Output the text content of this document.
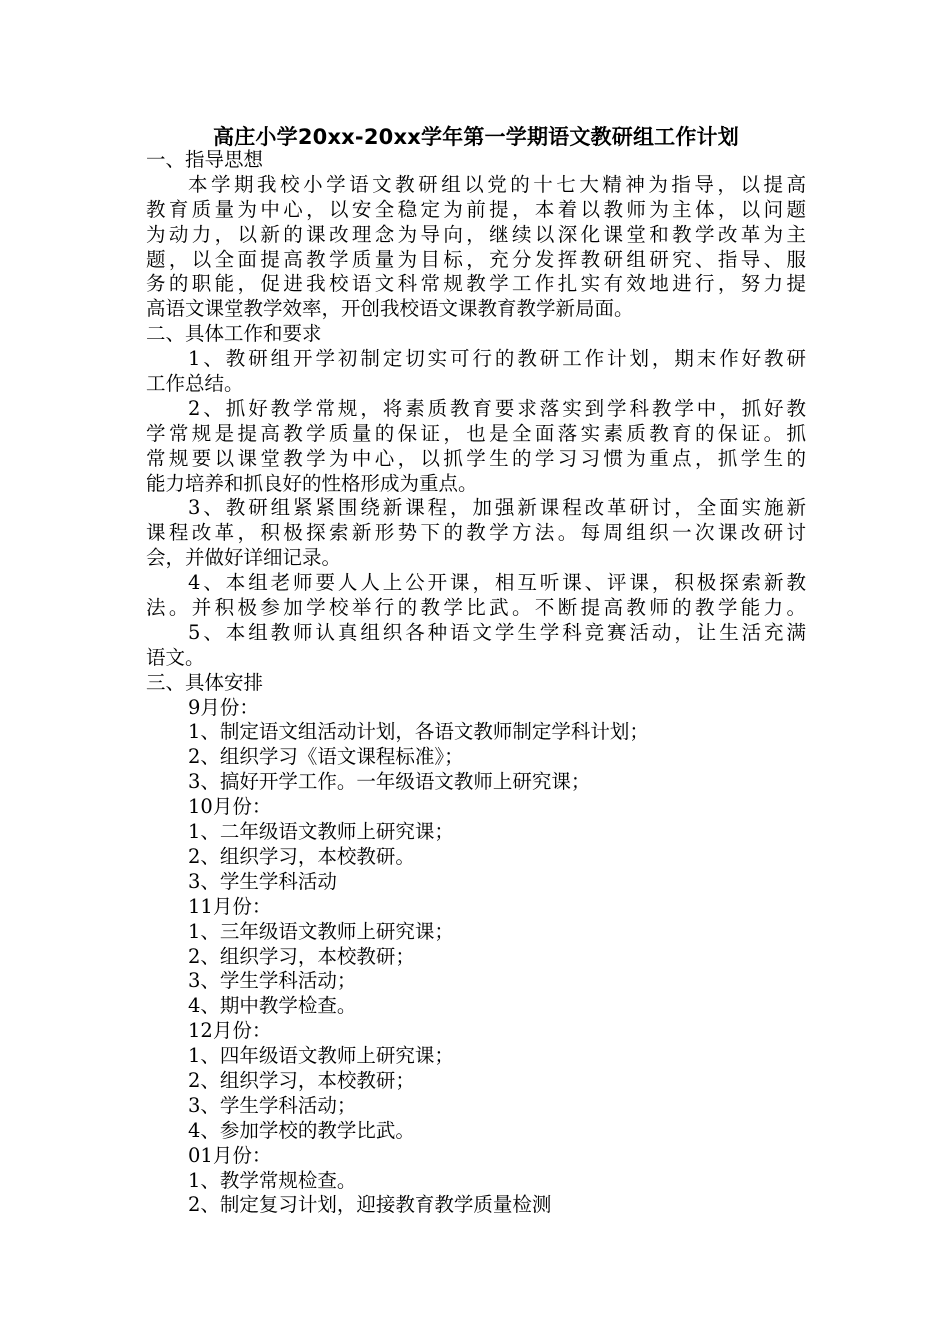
高庄小学20xx-20xx学年第一学期语文教研组工作计划
一、指导思想
本学期我校小学语文教研组以党的十七大精神为指导，以提高
教育质量为中心，以安全稳定为前提，本着以教师为主体，以问题
为动力，以新的课改理念为导向，继续以深化课堂和教学改革为主
题，以全面提高教学质量为目标，充分发挥教研组研究、指导、服
务的职能，促进我校语文科常规教学工作扎实有效地进行，努力提
高语文课堂教学效率，开创我校语文课教育教学新局面。
二、具体工作和要求
1、教研组开学初制定切实可行的教研工作计划，期末作好教研
工作总结。
2、抓好教学常规，将素质教育要求落实到学科教学中，抓好教
学常规是提高教学质量的保证，也是全面落实素质教育的保证。抓
常规要以课堂教学为中心，以抓学生的学习习惯为重点，抓学生的
能力培养和抓良好的性格形成为重点。
3、教研组紧紧围绕新课程，加强新课程改革研讨，全面实施新
课程改革，积极探索新形势下的教学方法。每周组织一次课改研讨
会，并做好详细记录。
4、本组老师要人人上公开课，相互听课、评课，积极探索新教
法。并积极参加学校举行的教学比武。不断提高教师的教学能力。
5、本组教师认真组织各种语文学生学科竞赛活动，让生活充满
语文。
三、具体安排
9月份：
1、制定语文组活动计划，各语文教师制定学科计划；
2、组织学习《语文课程标准》；
3、搞好开学工作。一年级语文教师上研究课；
10月份：
1、二年级语文教师上研究课；
2、组织学习，本校教研。
3、学生学科活动
11月份：
1、三年级语文教师上研究课；
2、组织学习，本校教研；
3、学生学科活动；
4、期中教学检查。
12月份：
1、四年级语文教师上研究课；
2、组织学习，本校教研；
3、学生学科活动；
4、参加学校的教学比武。
01月份：
1、教学常规检查。
2、制定复习计划，迎接教育教学质量检测
